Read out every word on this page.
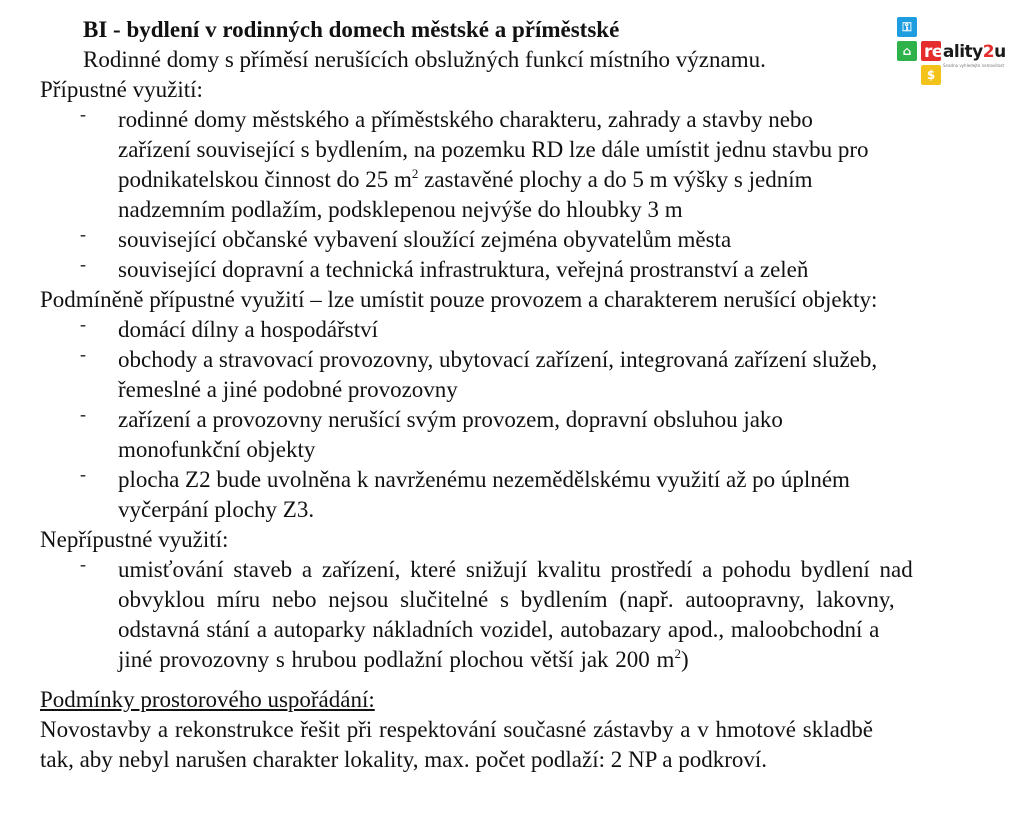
⚿
⌂
$
reality2u
Snadno vyhledejte nemovitost
BI - bydlení v rodinných domech městské a příměstské
Rodinné domy s příměsí nerušících obslužných funkcí místního významu.
Přípustné využití:
- rodinné domy městského a příměstského charakteru, zahrady a stavby nebo
zařízení související s bydlením, na pozemku RD lze dále umístit jednu stavbu pro
podnikatelskou činnost do 25 $m^2$ zastavěné plochy a do 5 m výšky s jedním
nadzemním podlažím, podsklepenou nejvýše do hloubky 3 m
- související občanské vybavení sloužící zejména obyvatelům města
- související dopravní a technická infrastruktura, veřejná prostranství a zeleň
Podmíněně přípustné využití – lze umístit pouze provozem a charakterem nerušící objekty:
- domácí dílny a hospodářství
- obchody a stravovací provozovny, ubytovací zařízení, integrovaná zařízení služeb,
řemeslné a jiné podobné provozovny
- zařízení a provozovny nerušící svým provozem, dopravní obsluhou jako
monofunkční objekty
- plocha Z2 bude uvolněna k navrženému nezemědělskému využití až po úplném
vyčerpání plochy Z3.
Nepřípustné využití:
- umisťování staveb a zařízení, které snižují kvalitu prostředí a pohodu bydlení nad
obvyklou míru nebo nejsou slučitelné s bydlením (např. autoopravny, lakovny,
odstavná stání a autoparky nákladních vozidel, autobazary apod., maloobchodní a
jiné provozovny s hrubou podlažní plochou větší jak 200 $m^2$)
Podmínky prostorového uspořádání:
Novostavby a rekonstrukce řešit při respektování současné zástavby a v hmotové skladbě
tak, aby nebyl narušen charakter lokality, max. počet podlaží: 2 NP a podkroví.
